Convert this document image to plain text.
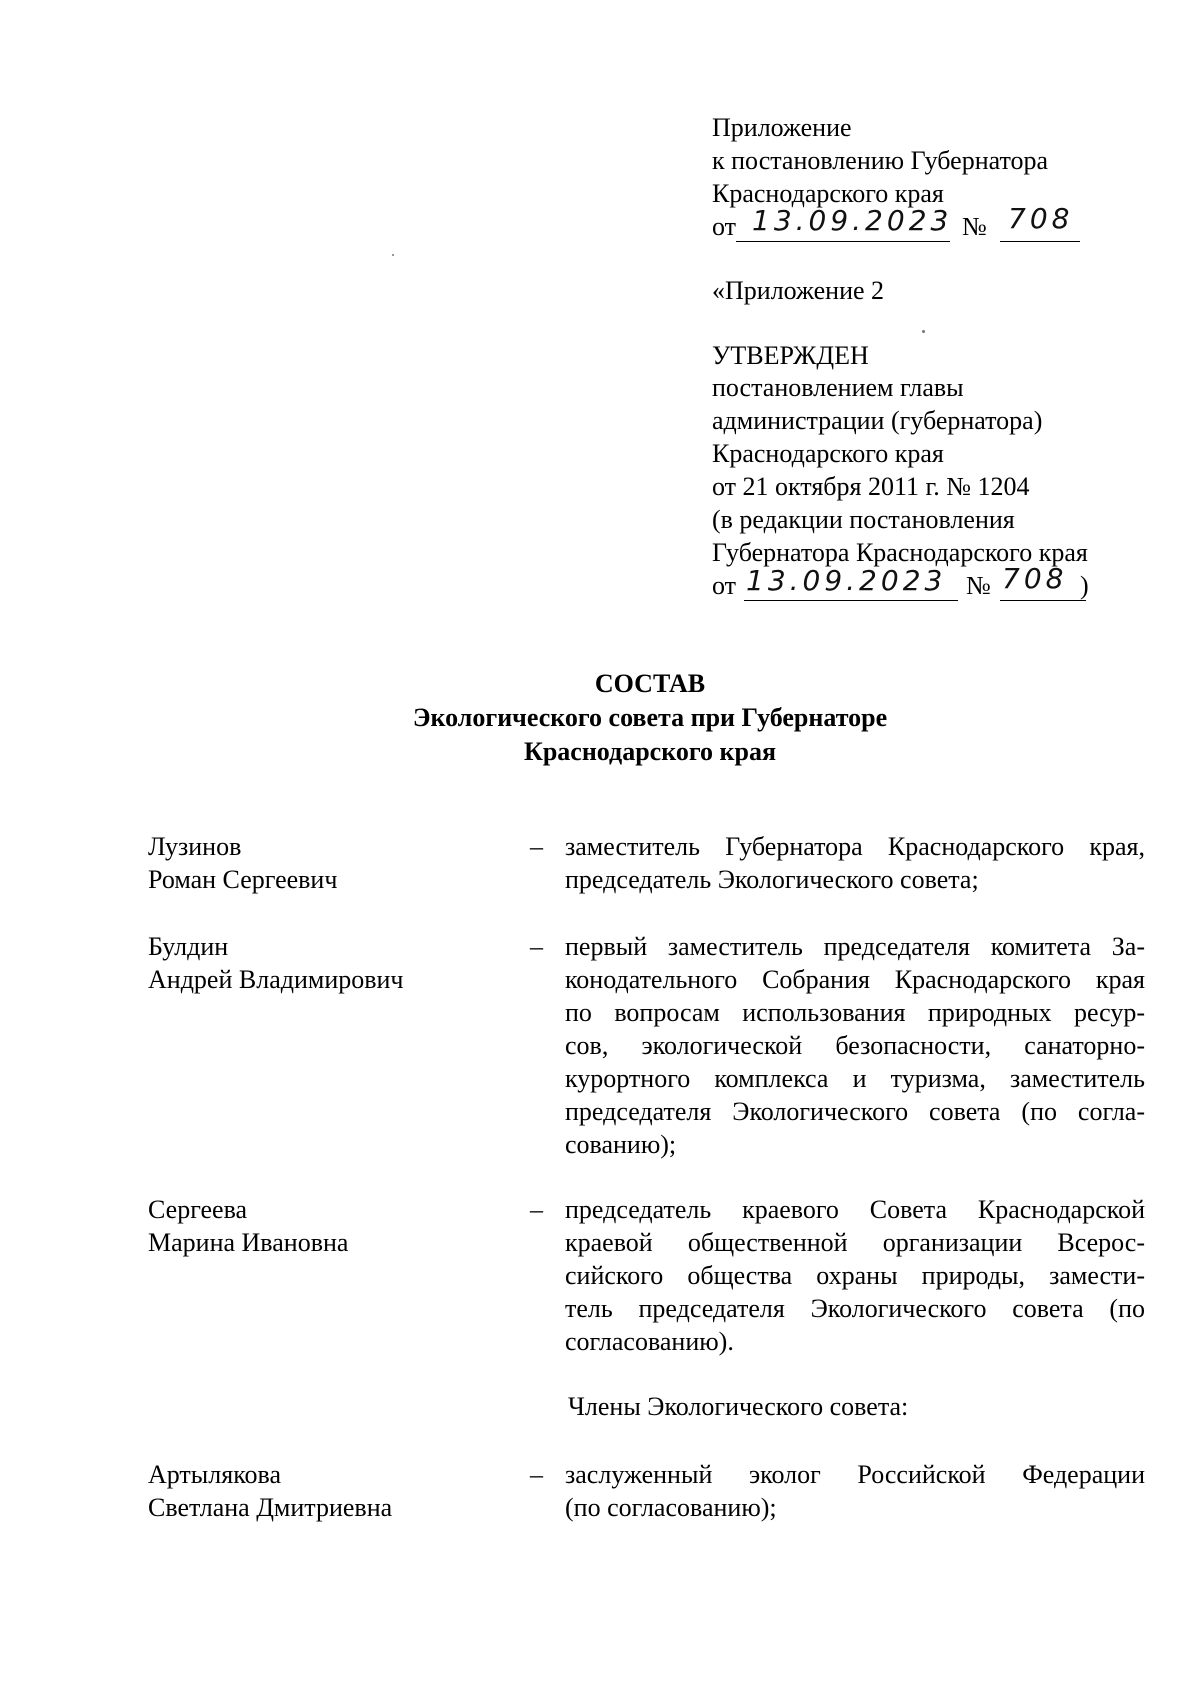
Приложение
к постановлению Губернатора
Краснодарского края
от 13.09.2023 № 708
«Приложение 2
УТВЕРЖДЕН
постановлением главы
администрации (губернатора)
Краснодарского края
от 21 октября 2011 г. № 1204
(в редакции постановления
Губернатора Краснодарского края
от 13.09.2023 № 708 )
СОСТАВ
Экологического совета при Губернаторе
Краснодарского края
Лузинов
Роман Сергеевич
– заместитель Губернатора Краснодарского края,
председатель Экологического совета;
Булдин
Андрей Владимирович
– первый заместитель председателя комитета За-
конодательного Собрания Краснодарского края
по вопросам использования природных ресур-
сов, экологической безопасности, санаторно-
курортного комплекса и туризма, заместитель
председателя Экологического совета (по согла-
сованию);
Сергеева
Марина Ивановна
– председатель краевого Совета Краснодарской
краевой общественной организации Всерос-
сийского общества охраны природы, замести-
тель председателя Экологического совета (по
согласованию).
Члены Экологического совета:
Артылякова
Светлана Дмитриевна
– заслуженный эколог Российской Федерации
(по согласованию);
